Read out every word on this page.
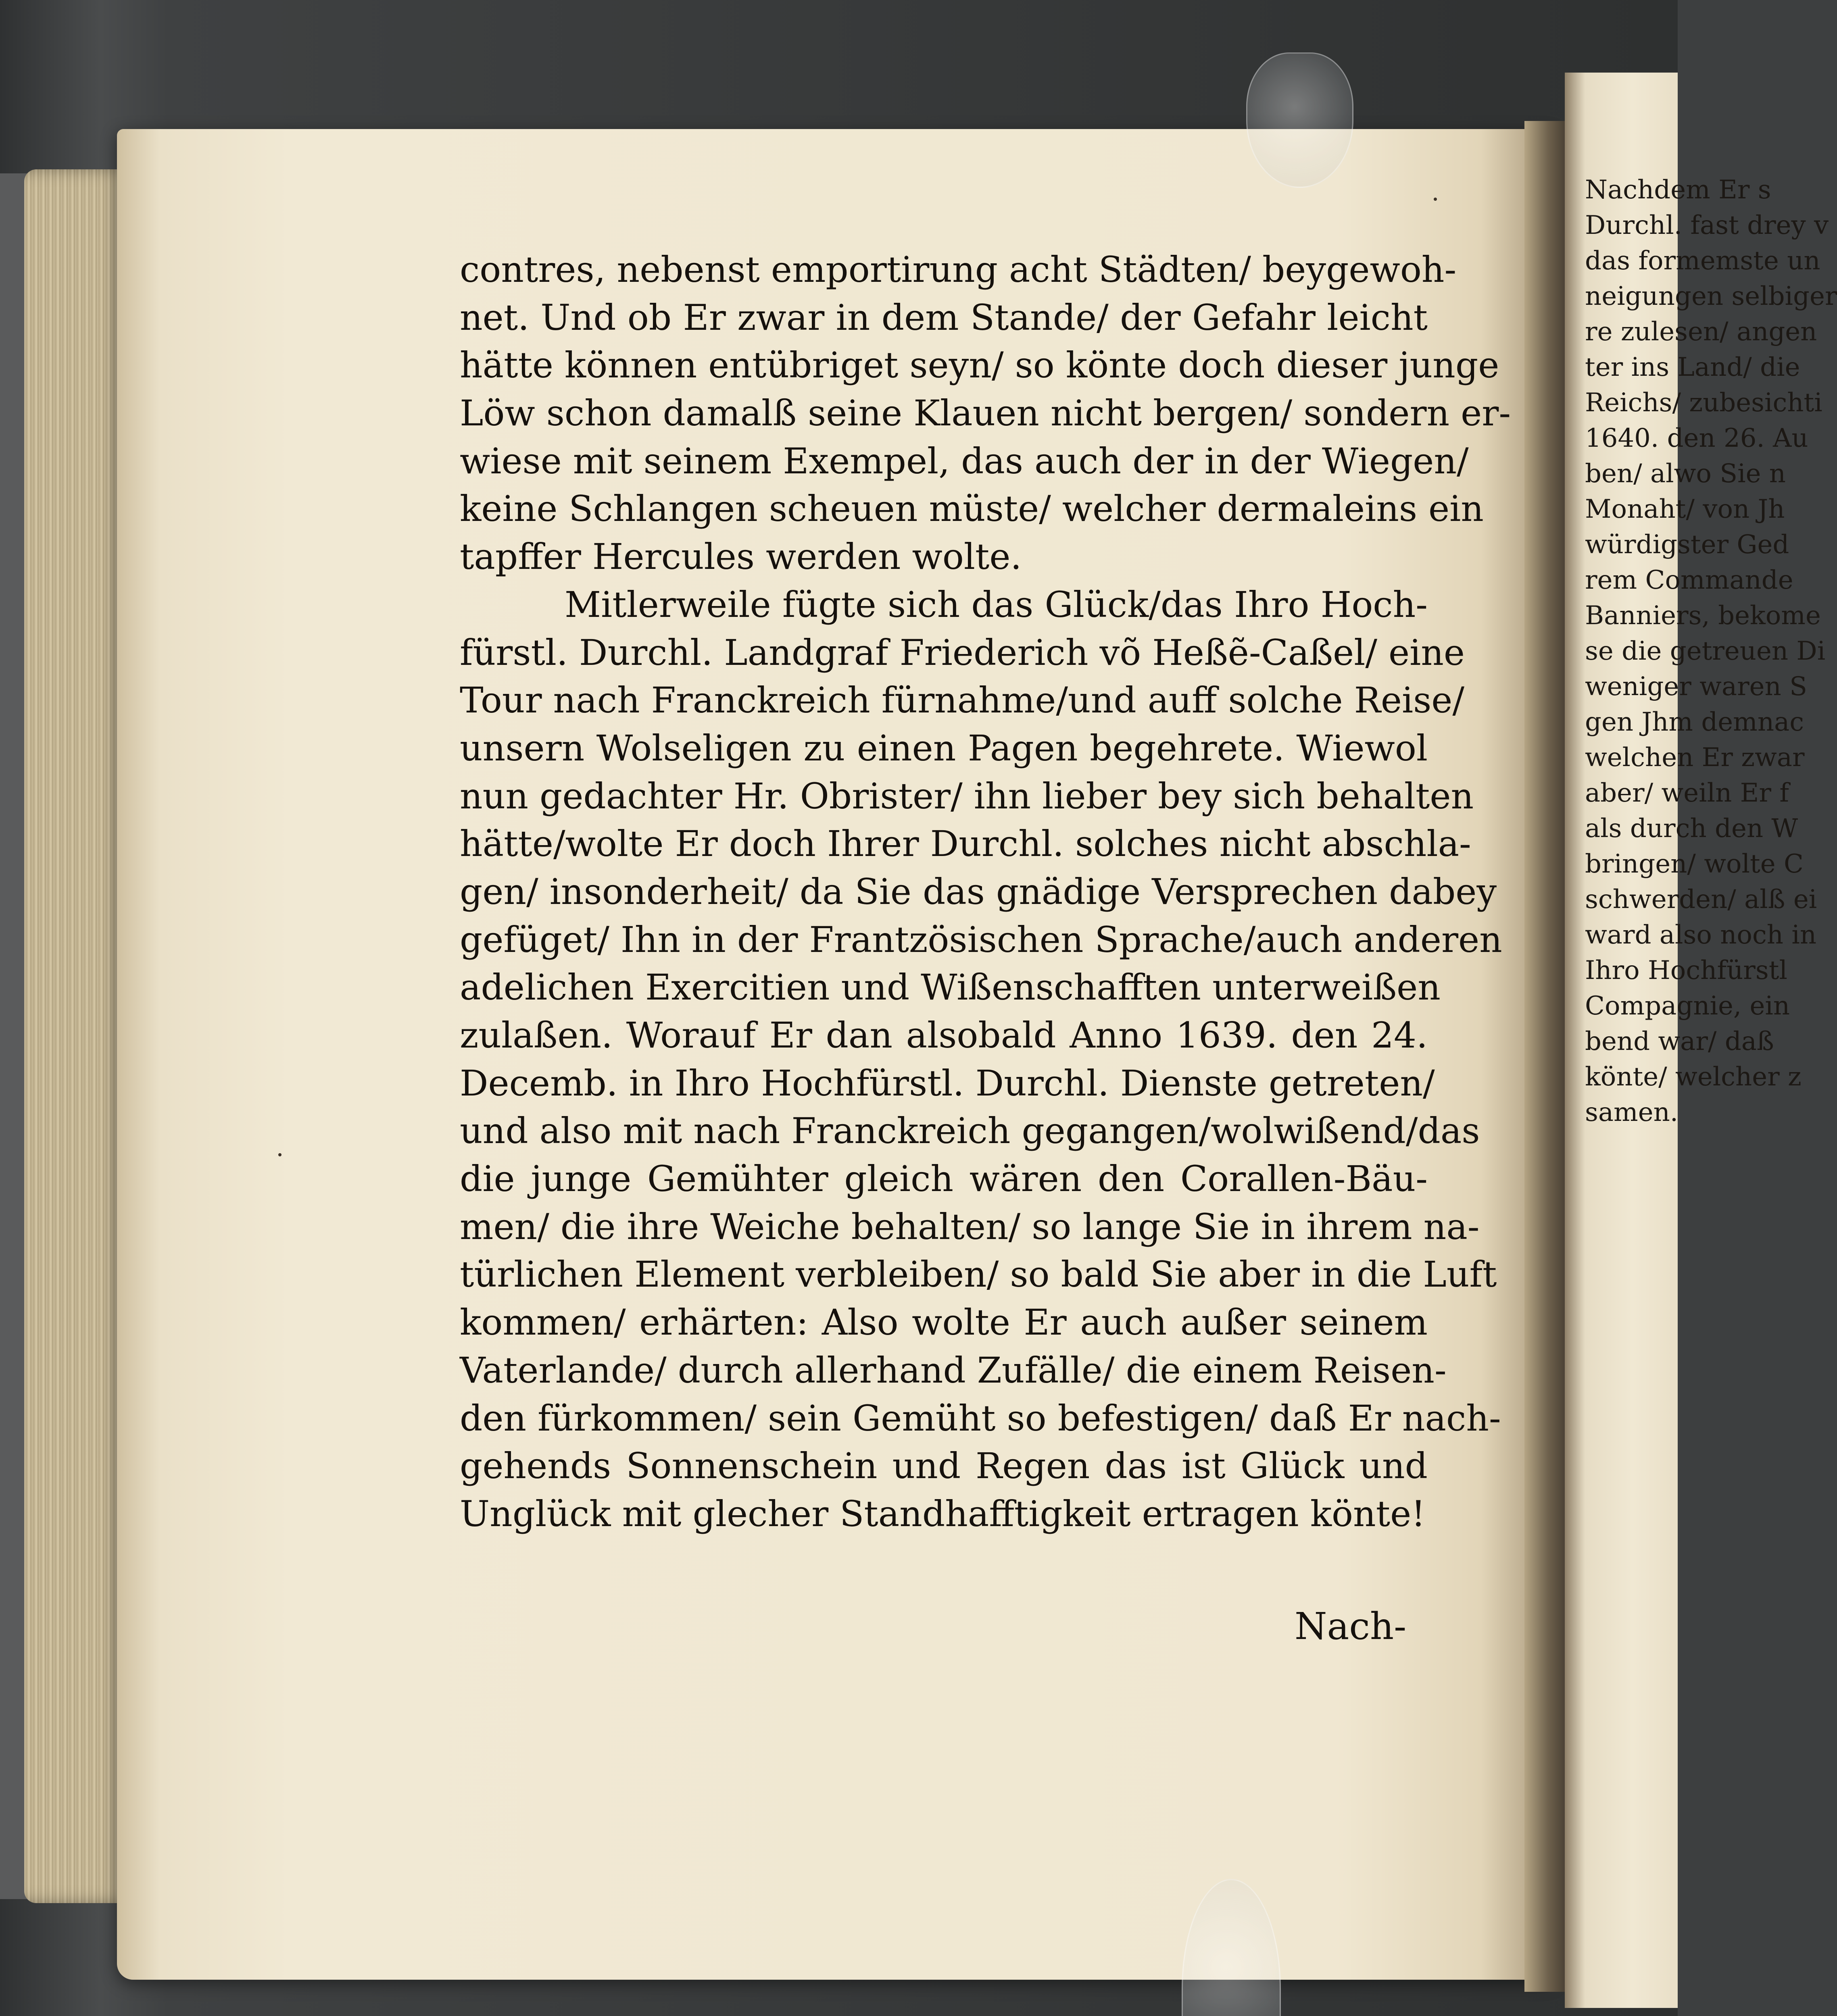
contres, nebenst emportirung acht Städten/ beygewoh-
net. Und ob Er zwar in dem Stande/ der Gefahr leicht
hätte können entübriget seyn/ so könte doch dieser junge
Löw schon damalß seine Klauen nicht bergen/ sondern er-
wiese mit seinem Exempel, das auch der in der Wiegen/
keine Schlangen scheuen müste/ welcher dermaleins ein
tapffer Hercules werden wolte.
Mitlerweile fügte sich das Glück/das Ihro Hoch-
fürstl. Durchl. Landgraf Friederich võ Heßẽ-Caßel/ eine
Tour nach Franckreich fürnahme/und auff solche Reise/
unsern Wolseligen zu einen Pagen begehrete. Wiewol
nun gedachter Hr. Obrister/ ihn lieber bey sich behalten
hätte/wolte Er doch Ihrer Durchl. solches nicht abschla-
gen/ insonderheit/ da Sie das gnädige Versprechen dabey
gefüget/ Ihn in der Frantzösischen Sprache/auch anderen
adelichen Exercitien und Wißenschafften unterweißen
zulaßen. Worauf Er dan alsobald Anno 1639. den 24.
Decemb. in Ihro Hochfürstl. Durchl. Dienste getreten/
und also mit nach Franckreich gegangen/wolwißend/das
die junge Gemühter gleich wären den Corallen-Bäu-
men/ die ihre Weiche behalten/ so lange Sie in ihrem na-
türlichen Element verbleiben/ so bald Sie aber in die Luft
kommen/ erhärten: Also wolte Er auch außer seinem
Vaterlande/ durch allerhand Zufälle/ die einem Reisen-
den fürkommen/ sein Gemüht so befestigen/ daß Er nach-
gehends Sonnenschein und Regen das ist Glück und
Unglück mit glecher Standhafftigkeit ertragen könte!
Nach-
Nachdem Er s
Durchl. fast drey v
das formemste un
neigungen selbiger
re zulesen/ angen
ter ins Land/ die
Reichs/ zubesichti
1640. den 26. Au
ben/ alwo Sie n
Monaht/ von Jh
würdigster Ged
rem Commande
Banniers, bekome
se die getreuen Di
weniger waren S
gen Jhm demnac
welchen Er zwar
aber/ weiln Er f
als durch den W
bringen/ wolte C
schwerden/ alß ei
ward also noch in
Ihro Hochfürstl
Compagnie, ein
bend war/ daß
könte/ welcher z
samen.
